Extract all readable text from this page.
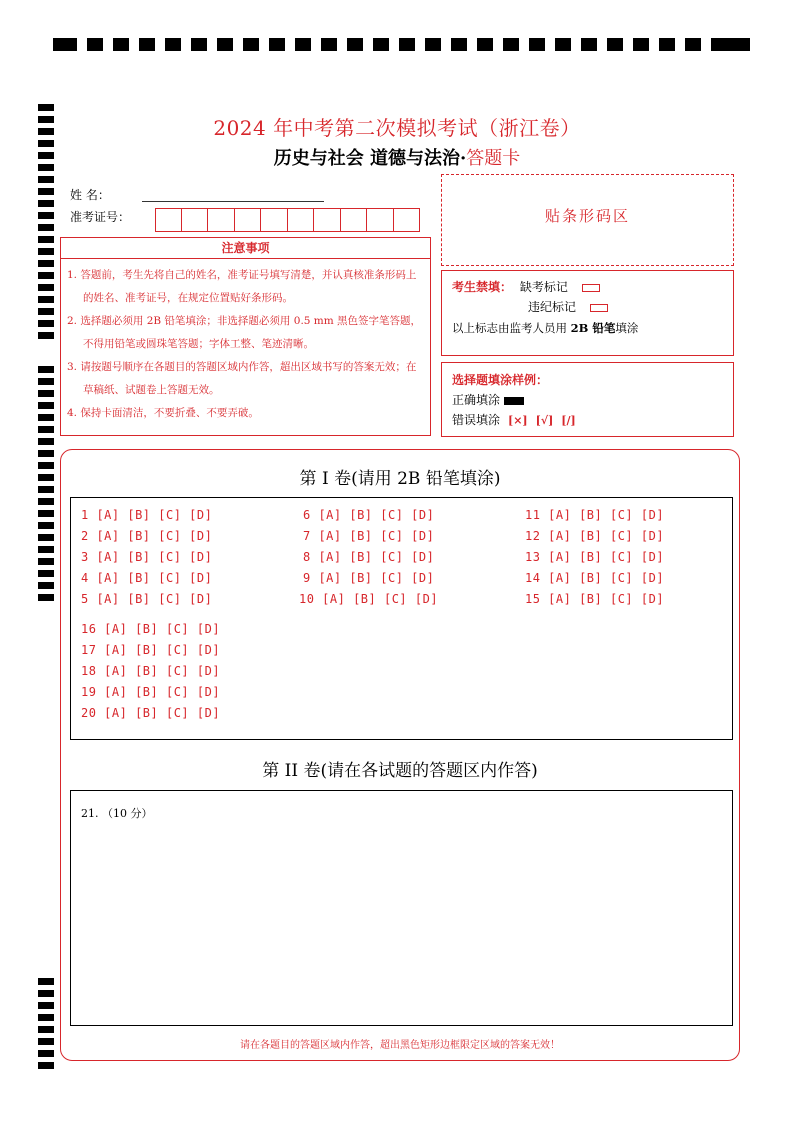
2024 年中考第二次模拟考试（浙江卷）
历史与社会 道德与法治·答题卡
姓 名：
准考证号：
注意事项
1. 答题前，考生先将自己的姓名，准考证号填写清楚，并认真核准条形码上的姓名、准考证号，在规定位置贴好条形码。
2. 选择题必须用 2B 铅笔填涂；非选择题必须用 0.5 mm 黑色签字笔答题，不得用铅笔或圆珠笔答题；字体工整、笔迹清晰。
3. 请按题号顺序在各题目的答题区域内作答，超出区域书写的答案无效；在草稿纸、试题卷上答题无效。
4. 保持卡面清洁，不要折叠、不要弄破。
贴条形码区
考生禁填： 缺考标记
违纪标记
以上标志由监考人员用 2B 铅笔填涂
选择题填涂样例：
正确填涂
错误填涂 [×] [√] [/]
第 I 卷(请用 2B 铅笔填涂)
1 [A] [B] [C] [D]
2 [A] [B] [C] [D]
3 [A] [B] [C] [D]
4 [A] [B] [C] [D]
5 [A] [B] [C] [D]
6 [A] [B] [C] [D]
7 [A] [B] [C] [D]
8 [A] [B] [C] [D]
9 [A] [B] [C] [D]
10 [A] [B] [C] [D]
11 [A] [B] [C] [D]
12 [A] [B] [C] [D]
13 [A] [B] [C] [D]
14 [A] [B] [C] [D]
15 [A] [B] [C] [D]
16 [A] [B] [C] [D]
17 [A] [B] [C] [D]
18 [A] [B] [C] [D]
19 [A] [B] [C] [D]
20 [A] [B] [C] [D]
第 II 卷(请在各试题的答题区内作答)
21. （10 分）
请在各题目的答题区域内作答，超出黑色矩形边框限定区域的答案无效！
